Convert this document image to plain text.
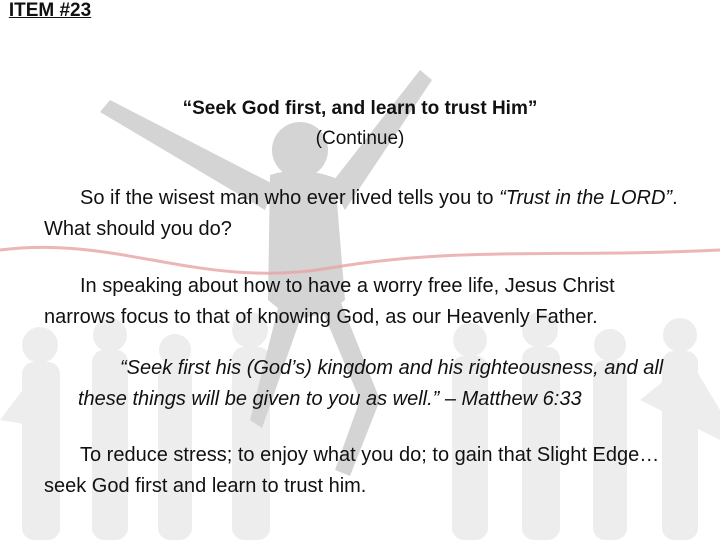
ITEM #23
“Seek God first, and learn to trust Him”
(Continue)
So if the wisest man who ever lived tells you to “Trust in the LORD”. What should you do?
In speaking about how to have a worry free life, Jesus Christ narrows focus to that of knowing God, as our Heavenly Father.
“Seek first his (God’s) kingdom and his righteousness, and all these things will be given to you as well.” – Matthew 6:33
To reduce stress; to enjoy what you do; to gain that Slight Edge… seek God first and learn to trust him.
